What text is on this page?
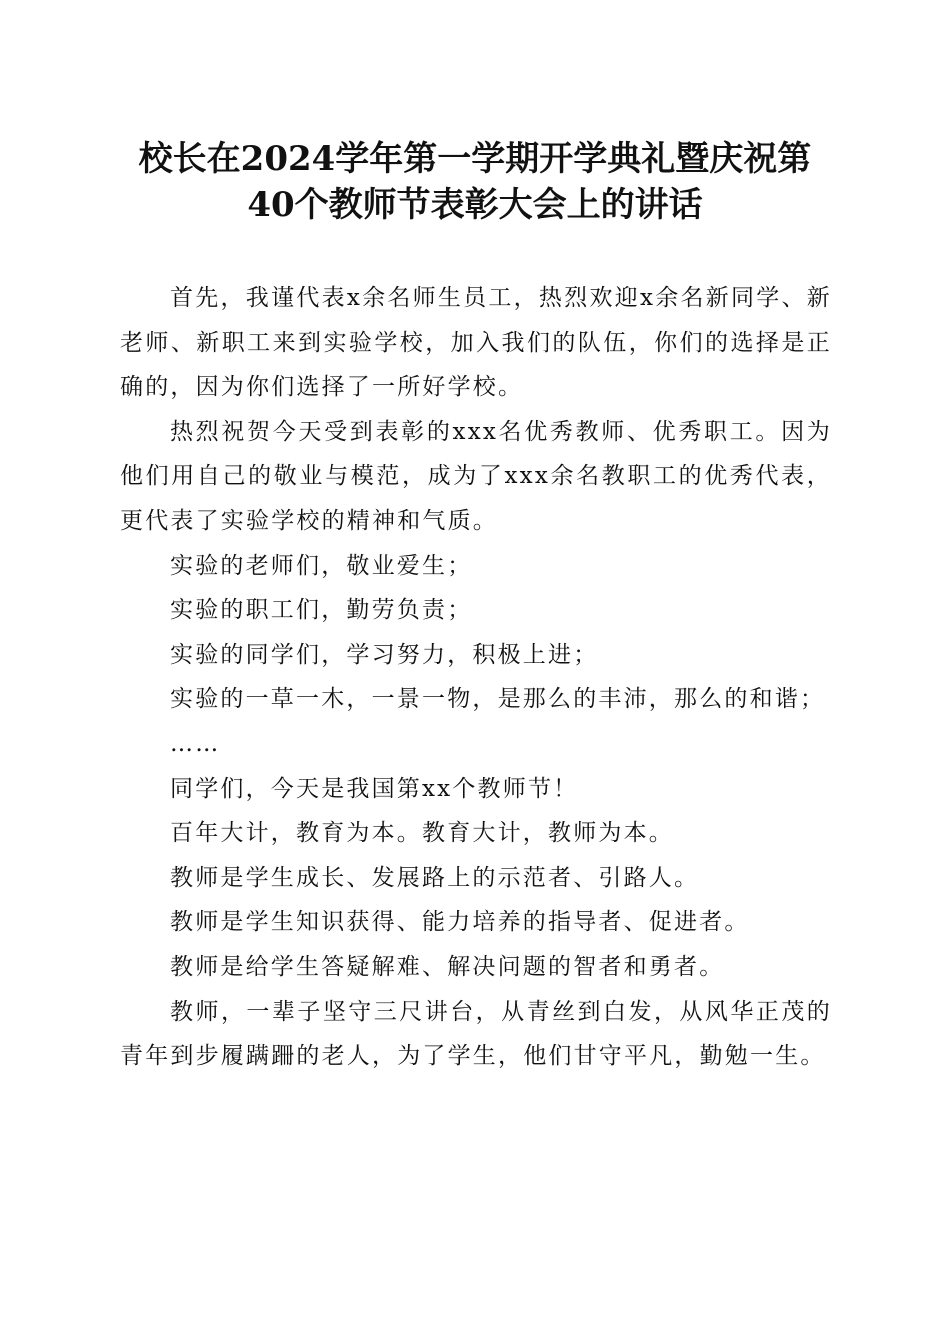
校长在2024学年第一学期开学典礼暨庆祝第
40个教师节表彰大会上的讲话

首先，我谨代表x余名师生员工，热烈欢迎x余名新同学、新老师、新职工来到实验学校，加入我们的队伍，你们的选择是正确的，因为你们选择了一所好学校。

热烈祝贺今天受到表彰的xxx名优秀教师、优秀职工。因为他们用自己的敬业与模范，成为了xxx余名教职工的优秀代表，更代表了实验学校的精神和气质。

实验的老师们，敬业爱生；

实验的职工们，勤劳负责；

实验的同学们，学习努力，积极上进；

实验的一草一木，一景一物，是那么的丰沛，那么的和谐；

……

同学们，今天是我国第xx个教师节！

百年大计，教育为本。教育大计，教师为本。

教师是学生成长、发展路上的示范者、引路人。

教师是学生知识获得、能力培养的指导者、促进者。

教师是给学生答疑解难、解决问题的智者和勇者。

教师，一辈子坚守三尺讲台，从青丝到白发，从风华正茂的青年到步履蹒跚的老人，为了学生，他们甘守平凡，勤勉一生。
